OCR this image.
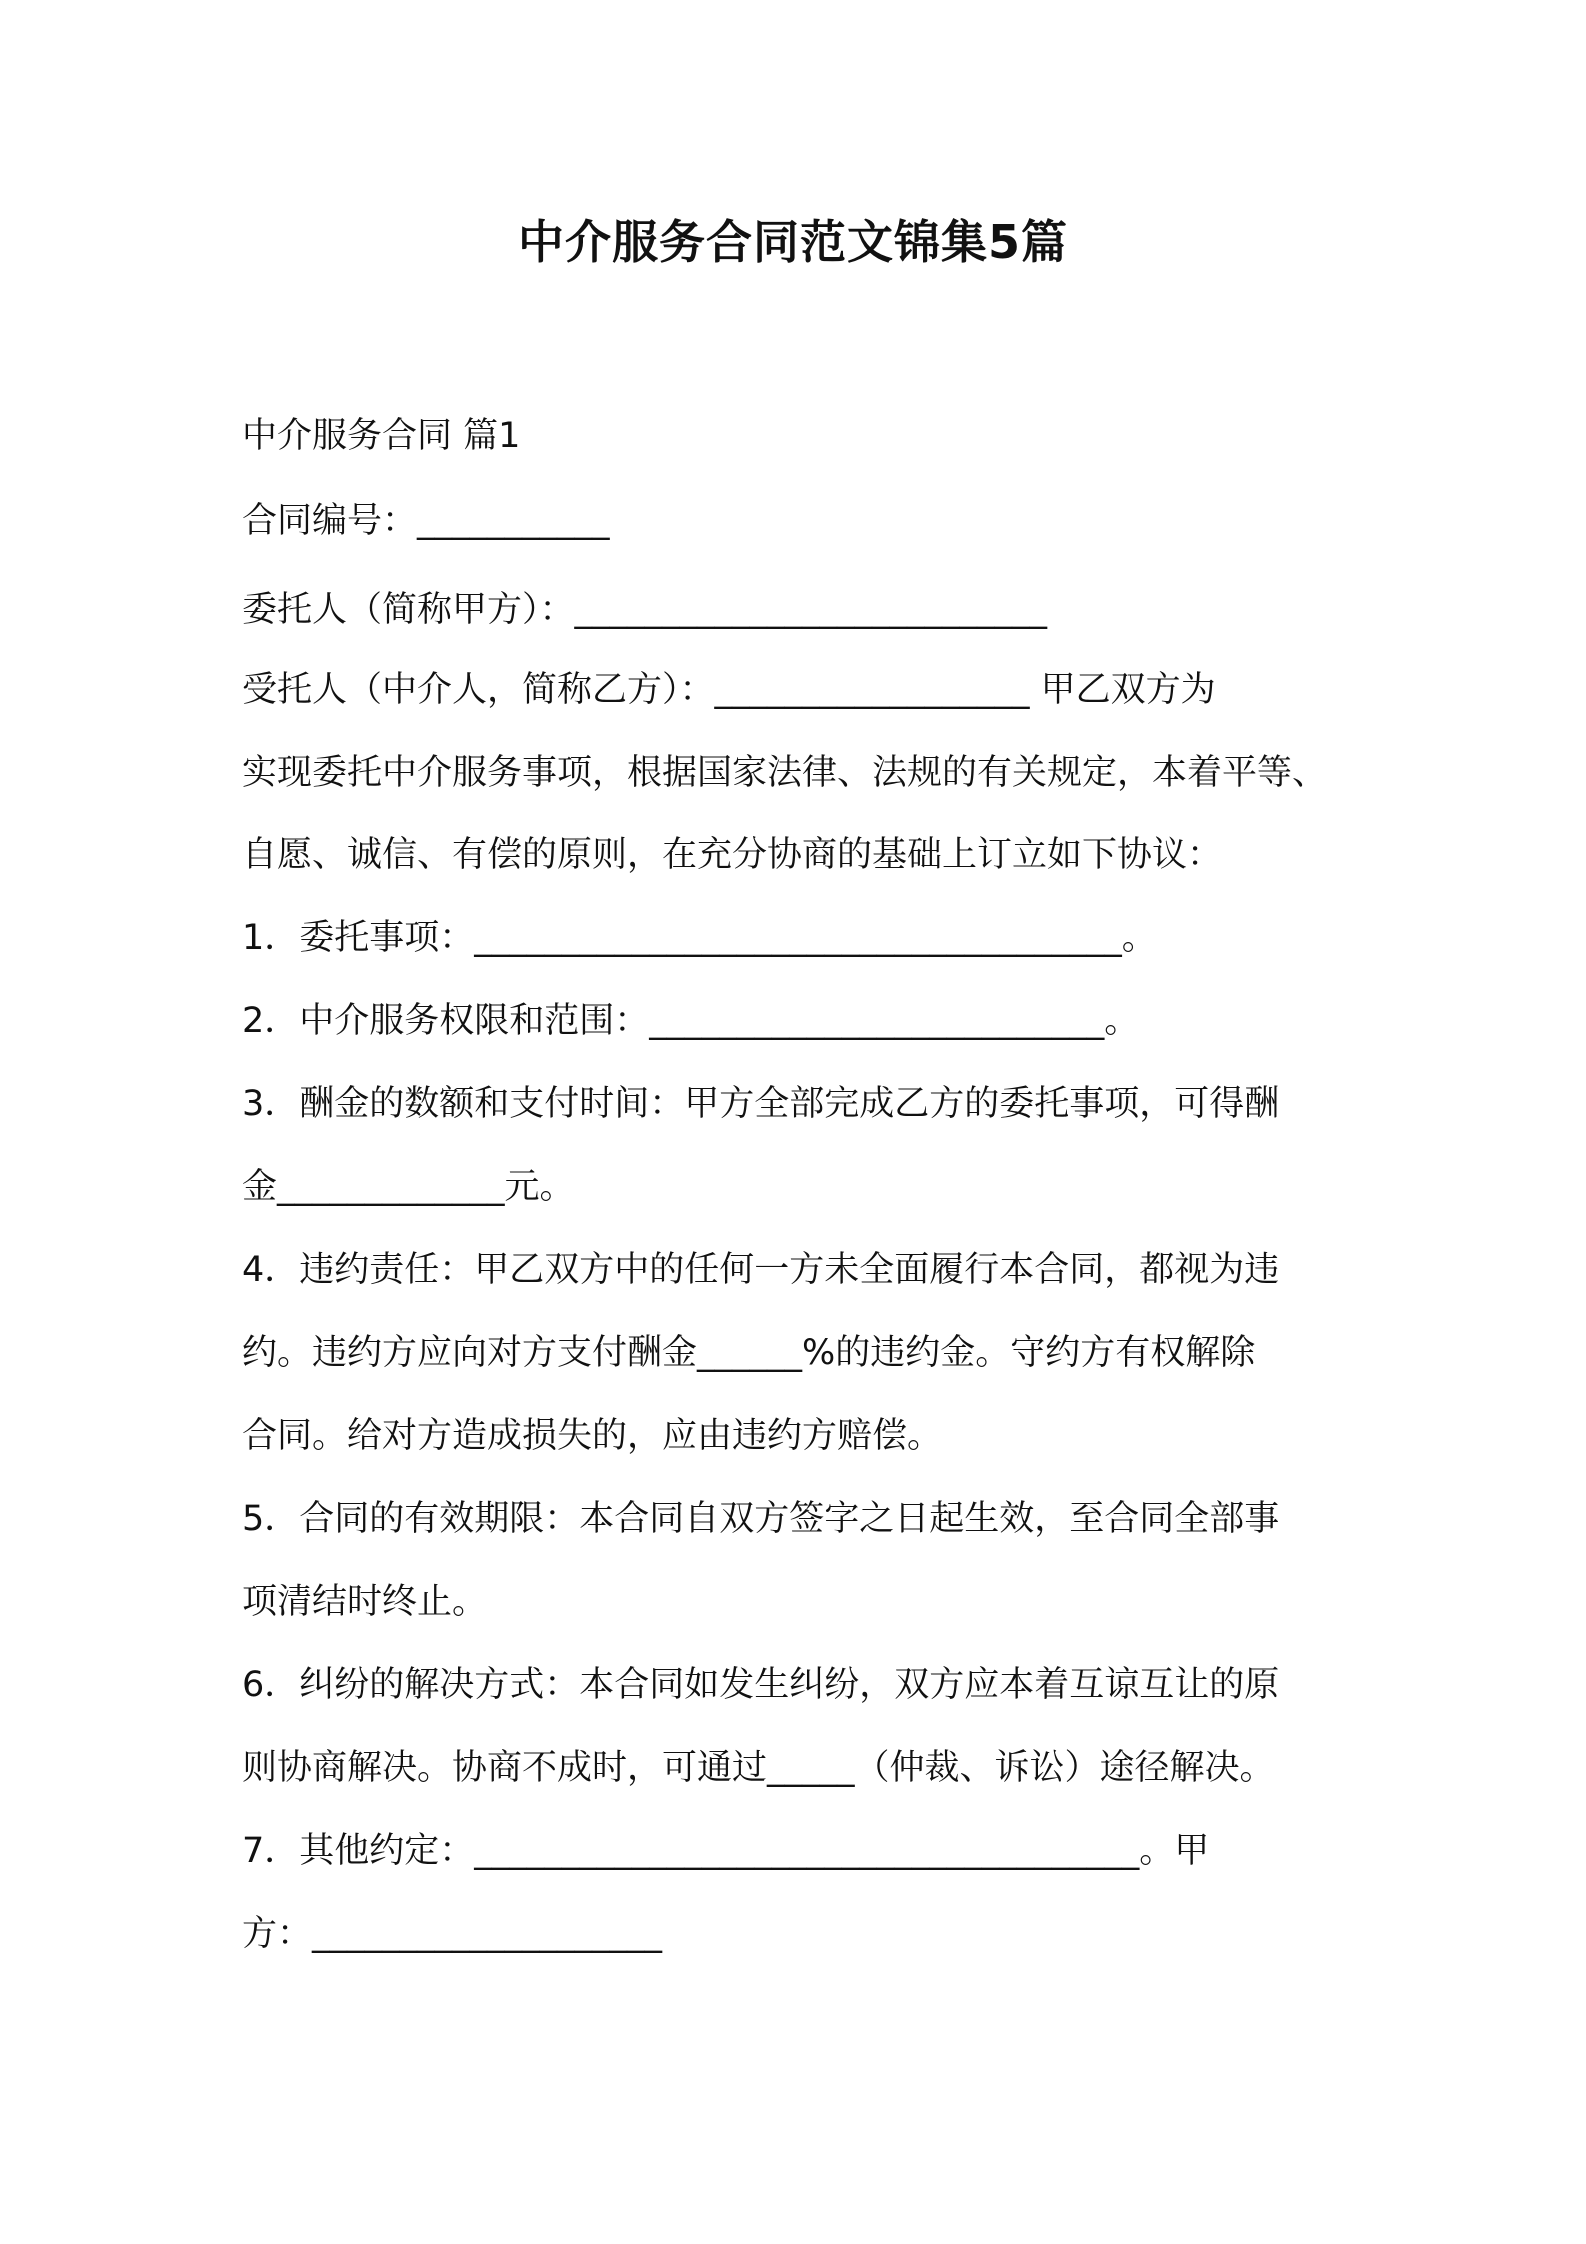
中介服务合同范文锦集5篇
中介服务合同 篇1
合同编号：___________
委托人（简称甲方）：___________________________
受托人（中介人，简称乙方）：__________________ 甲乙双方为
实现委托中介服务事项，根据国家法律、法规的有关规定，本着平等、
自愿、诚信、有偿的原则，在充分协商的基础上订立如下协议：
1．委托事项：_____________________________________。
2．中介服务权限和范围：__________________________。
3．酬金的数额和支付时间：甲方全部完成乙方的委托事项，可得酬
金_____________元。
4．违约责任：甲乙双方中的任何一方未全面履行本合同，都视为违
约。违约方应向对方支付酬金______%的违约金。守约方有权解除
合同。给对方造成损失的，应由违约方赔偿。
5．合同的有效期限：本合同自双方签字之日起生效，至合同全部事
项清结时终止。
6．纠纷的解决方式：本合同如发生纠纷，双方应本着互谅互让的原
则协商解决。协商不成时，可通过_____（仲裁、诉讼）途径解决。
7．其他约定：______________________________________。甲
方：____________________
